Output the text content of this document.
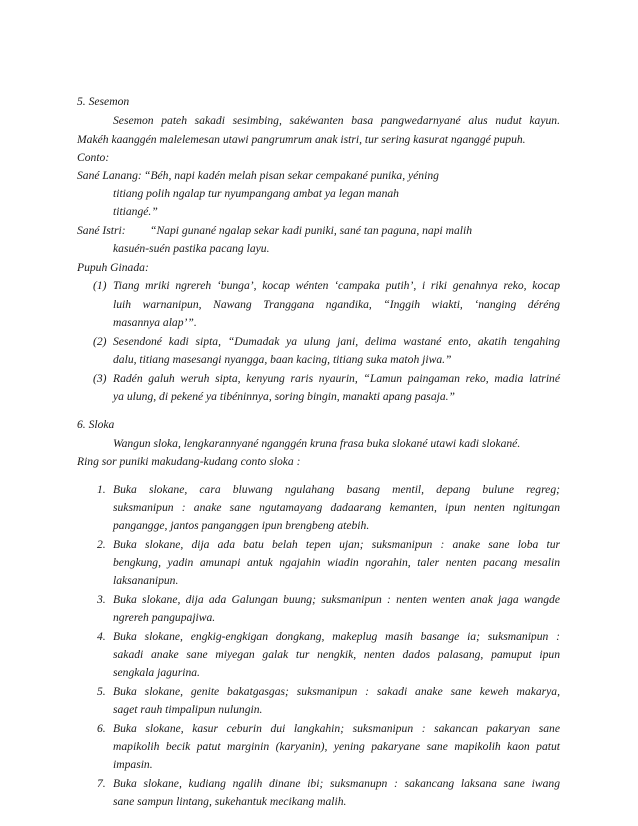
5. Sesemon
Sesemon pateh sakadi sesimbing, sakéwanten basa pangwedarnyané alus nudut kayun.
Makéh kaanggén malelemesan utawi pangrumrum anak istri, tur sering kasurat nganggé pupuh.
Conto:
Sané Lanang: “Béh, napi kadén melah pisan sekar cempakané punika, yéning
titiang polih ngalap tur nyumpangang ambat ya legan manah
titiangé.”
Sané Istri: “Napi gunané ngalap sekar kadi puniki, sané tan paguna, napi malih
kasuén-suén pastika pacang layu.
Pupuh Ginada:
(1) Tiang mriki ngrereh ‘bunga’, kocap wénten ‘campaka putih’, i riki genahnya reko, kocap
luih warnanipun, Nawang Tranggana ngandika, “Inggih wiakti, ‘nanging déréng
masannya alap’”.
(2) Sesendoné kadi sipta, “Dumadak ya ulung jani, delima wastané ento, akatih tengahing
dalu, titiang masesangi nyangga, baan kacing, titiang suka matoh jiwa.”
(3) Radén galuh weruh sipta, kenyung raris nyaurin, “Lamun paingaman reko, madia latriné
ya ulung, di pekené ya tibéninnya, soring bingin, manakti apang pasaja.”
6. Sloka
Wangun sloka, lengkarannyané nganggén kruna frasa buka slokané utawi kadi slokané.
Ring sor puniki makudang-kudang conto sloka :
1. Buka slokane, cara bluwang ngulahang basang mentil, depang bulune regreg;
suksmanipun : anake sane ngutamayang dadaarang kemanten, ipun nenten ngitungan
pangangge, jantos panganggen ipun brengbeng atebih.
2. Buka slokane, dija ada batu belah tepen ujan; suksmanipun : anake sane loba tur
bengkung, yadin amunapi antuk ngajahin wiadin ngorahin, taler nenten pacang mesalin
laksananipun.
3. Buka slokane, dija ada Galungan buung; suksmanipun : nenten wenten anak jaga wangde
ngrereh pangupajiwa.
4. Buka slokane, engkig-engkigan dongkang, makeplug masih basange ia; suksmanipun :
sakadi anake sane miyegan galak tur nengkik, nenten dados palasang, pamuput ipun
sengkala jagurina.
5. Buka slokane, genite bakatgasgas; suksmanipun : sakadi anake sane keweh makarya,
saget rauh timpalipun nulungin.
6. Buka slokane, kasur ceburin dui langkahin; suksmanipun : sakancan pakaryan sane
mapikolih becik patut marginin (karyanin), yening pakaryane sane mapikolih kaon patut
impasin.
7. Buka slokane, kudiang ngalih dinane ibi; suksmanupn : sakancang laksana sane iwang
sane sampun lintang, sukehantuk mecikang malih.
